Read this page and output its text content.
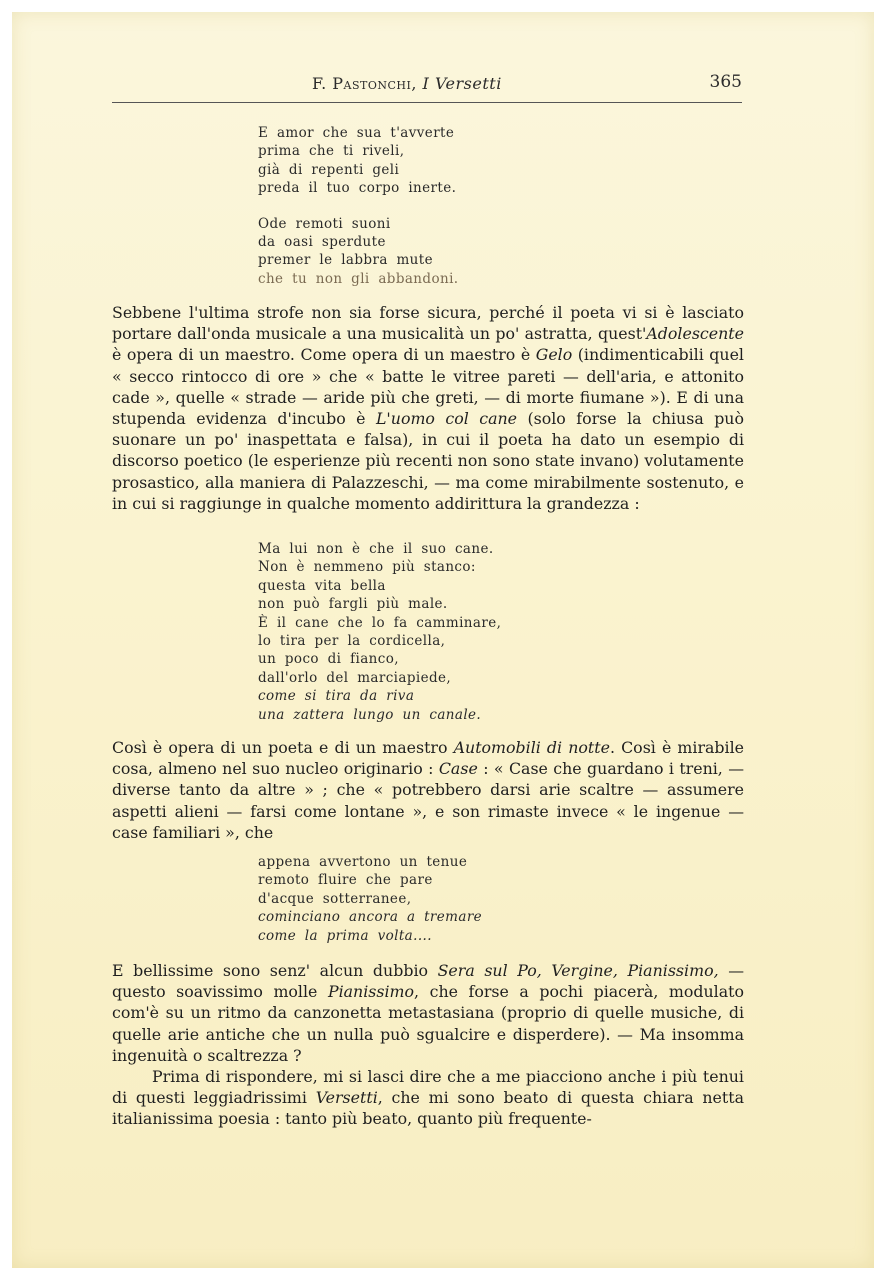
F. Pastonchi, I Versetti	365
E amor che sua t'avverte
prima che ti riveli,
già di repenti geli
preda il tuo corpo inerte.
Ode remoti suoni
da oasi sperdute
premer le labbra mute
che tu non gli abbandoni.

Sebbene l'ultima strofe non sia forse sicura, perché il poeta vi si è lasciato portare dall'onda musicale a una musicalità un po' astratta, quest'Adolescente è opera di un maestro. Come opera di un maestro è Gelo (indimenticabili quel « secco rintocco di ore » che « batte le vitree pareti — dell'aria, e attonito cade », quelle « strade — aride più che greti, — di morte fiumane »). E di una stupenda evidenza d'incubo è L'uomo col cane (solo forse la chiusa può suonare un po' inaspettata e falsa), in cui il poeta ha dato un esempio di discorso poetico (le esperienze più recenti non sono state invano) volutamente prosastico, alla maniera di Palazzeschi, — ma come mirabilmente sostenuto, e in cui si raggiunge in qualche momento addirittura la grandezza :

Ma lui non è che il suo cane.
Non è nemmeno più stanco:
questa vita bella
non può fargli più male.
È il cane che lo fa camminare,
lo tira per la cordicella,
un poco di fianco,
dall'orlo del marciapiede,
come si tira da riva
una zattera lungo un canale.

Così è opera di un poeta e di un maestro Automobili di notte. Così è mirabile cosa, almeno nel suo nucleo originario : Case : « Case che guardano i treni, — diverse tanto da altre » ; che « potrebbero darsi arie scaltre — assumere aspetti alieni — farsi come lontane », e son rimaste invece « le ingenue — case familiari », che

appena avvertono un tenue
remoto fluire che pare
d'acque sotterranee,
cominciano ancora a tremare
come la prima volta....

E bellissime sono senz' alcun dubbio Sera sul Po, Vergine, Pianissimo, — questo soavissimo molle Pianissimo, che forse a pochi piacerà, modulato com'è su un ritmo da canzonetta metastasiana (proprio di quelle musiche, di quelle arie antiche che un nulla può sgualcire e disperdere). — Ma insomma ingenuità o scaltrezza ?

Prima di rispondere, mi si lasci dire che a me piacciono anche i più tenui di questi leggiadrissimi Versetti, che mi sono beato di questa chiara netta italianissima poesia : tanto più beato, quanto più frequente-
